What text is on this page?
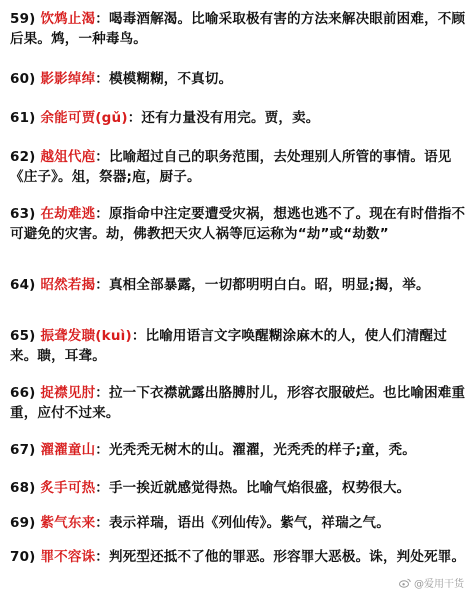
59) 饮鸩止渴：喝毒酒解渴。比喻采取极有害的方法来解决眼前困难，不顾后果。鸩，一种毒鸟。
60) 影影绰绰：模模糊糊，不真切。
61) 余能可贾(gǔ)：还有力量没有用完。贾，卖。
62) 越俎代庖：比喻超过自己的职务范围，去处理别人所管的事情。语见《庄子》。俎，祭器;庖，厨子。
63) 在劫难逃：原指命中注定要遭受灾祸，想逃也逃不了。现在有时借指不可避免的灾害。劫，佛教把天灾人祸等厄运称为“劫”或“劫数”
64) 昭然若揭：真相全部暴露，一切都明明白白。昭，明显;揭，举。
65) 振聋发聩(kuì)：比喻用语言文字唤醒糊涂麻木的人，使人们清醒过来。聩，耳聋。
66) 捉襟见肘：拉一下衣襟就露出胳膊肘儿，形容衣服破烂。也比喻困难重重，应付不过来。
67) 濯濯童山：光秃秃无树木的山。濯濯，光秃秃的样子;童，秃。
68) 炙手可热：手一挨近就感觉得热。比喻气焰很盛，权势很大。
69) 紫气东来：表示祥瑞，语出《列仙传》。紫气，祥瑞之气。
70) 罪不容诛：判死型还抵不了他的罪恶。形容罪大恶极。诛，判处死罪。
@爱用干货
